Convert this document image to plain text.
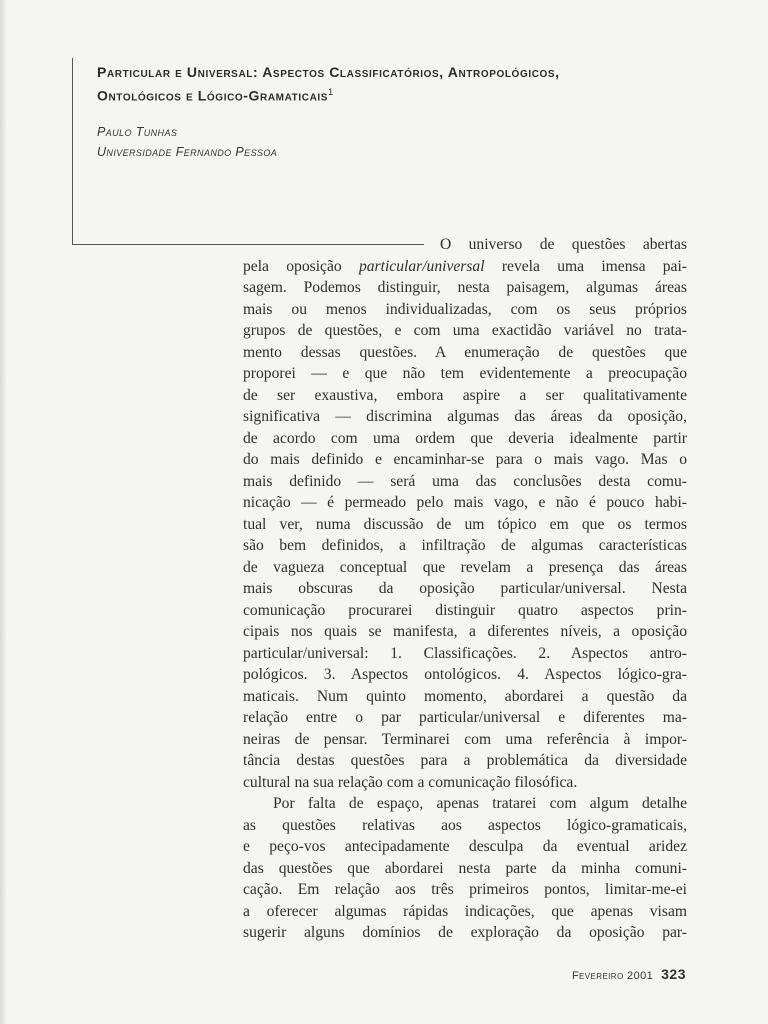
Particular e Universal: Aspectos Classificatórios, Antropológicos,
Ontológicos e Lógico-Gramaticais$^1$
Paulo Tunhas
Universidade Fernando Pessoa
O universo de questões abertas
pela oposição particular/universal revela uma imensa pai-
sagem. Podemos distinguir, nesta paisagem, algumas áreas
mais ou menos individualizadas, com os seus próprios
grupos de questões, e com uma exactidão variável no trata-
mento dessas questões. A enumeração de questões que
proporei — e que não tem evidentemente a preocupação
de ser exaustiva, embora aspire a ser qualitativamente
significativa — discrimina algumas das áreas da oposição,
de acordo com uma ordem que deveria idealmente partir
do mais definido e encaminhar-se para o mais vago. Mas o
mais definido — será uma das conclusões desta comu-
nicação — é permeado pelo mais vago, e não é pouco habi-
tual ver, numa discussão de um tópico em que os termos
são bem definidos, a infiltração de algumas características
de vagueza conceptual que revelam a presença das áreas
mais obscuras da oposição particular/universal. Nesta
comunicação procurarei distinguir quatro aspectos prin-
cipais nos quais se manifesta, a diferentes níveis, a oposição
particular/universal: 1. Classificações. 2. Aspectos antro-
pológicos. 3. Aspectos ontológicos. 4. Aspectos lógico-gra-
maticais. Num quinto momento, abordarei a questão da
relação entre o par particular/universal e diferentes ma-
neiras de pensar. Terminarei com uma referência à impor-
tância destas questões para a problemática da diversidade
cultural na sua relação com a comunicação filosófica.
Por falta de espaço, apenas tratarei com algum detalhe
as questões relativas aos aspectos lógico-gramaticais,
e peço-vos antecipadamente desculpa da eventual aridez
das questões que abordarei nesta parte da minha comuni-
cação. Em relação aos três primeiros pontos, limitar-me-ei
a oferecer algumas rápidas indicações, que apenas visam
sugerir alguns domínios de exploração da oposição par-
Fevereiro 2001 323
